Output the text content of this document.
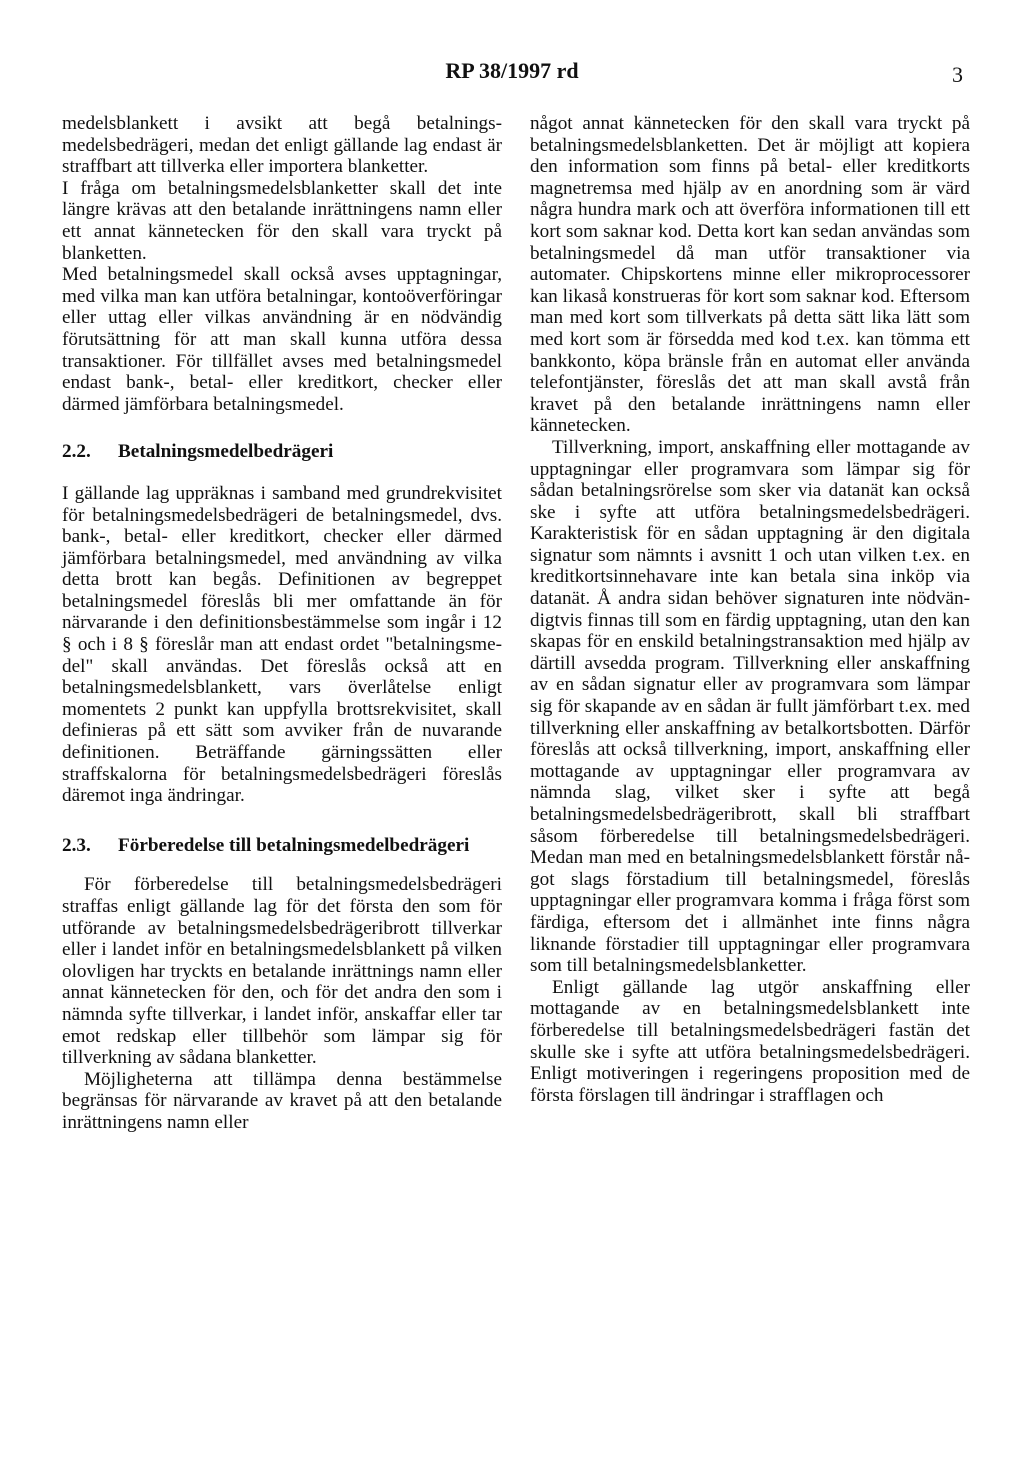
RP 38/1997 rd	3

medelsblankett i avsikt att begå betalningsmedelsbedrägeri, medan det enligt gällande lag endast är straffbart att tillverka eller importera blanketter.

I fråga om betalningsmedelsblanketter skall det inte längre krävas att den betalande inrättningens namn eller ett annat kännetecken för den skall vara tryckt på blanketten.

Med betalningsmedel skall också avses upptagningar, med vilka man kan utföra betalningar, kontoöverföringar eller uttag eller vilkas användning är en nödvändig förutsättning för att man skall kunna utföra dessa transaktioner. För tillfället avses med betalningsmedel endast bank-, betal- eller kreditkort, checker eller därmed jämförbara betalningsmedel.

2.2.	Betalningsmedelbedrägeri

I gällande lag uppräknas i samband med grundrekvisitet för betalningsmedelsbedrägeri de betalningsmedel, dvs. bank-, betal- eller kreditkort, checker eller därmed jämförbara betalningsmedel, med användning av vilka detta brott kan begås. Definitionen av begreppet betalningsmedel föreslås bli mer omfattande än för närvarande i den definitionsbestämmelse som ingår i 12 § och i 8 § föreslår man att endast ordet "betalningsmedel" skall användas. Det föreslås också att en betalningsmedelsblankett, vars överlåtelse enligt momentets 2 punkt kan uppfylla brottsrekvisitet, skall definieras på ett sätt som avviker från de nuvarande definitionen. Beträffande gärningssätten eller straffskalorna för betalningsmedelsbedrägeri föreslås däremot inga ändringar.

2.3.	Förberedelse till betalningsmedelbedrägeri

För förberedelse till betalningsmedelsbedrägeri straffas enligt gällande lag för det första den som för utförande av betalningsmedelsbedrägeribrott tillverkar eller i landet inför en betalningsmedelsblankett på vilken olovligen har tryckts en betalande inrättnings namn eller annat kännetecken för den, och för det andra den som i nämnda syfte tillverkar, i landet inför, anskaffar eller tar emot redskap eller tillbehör som lämpar sig för tillverkning av sådana blanketter.

Möjligheterna att tillämpa denna bestämmelse begränsas för närvarande av kravet på att den betalande inrättningens namn eller

något annat kännetecken för den skall vara tryckt på betalningsmedelsblanketten. Det är möjligt att kopiera den information som finns på betal- eller kreditkorts magnetremsa med hjälp av en anordning som är värd några hundra mark och att överföra informationen till ett kort som saknar kod. Detta kort kan sedan användas som betalningsmedel då man utför transaktioner via automater. Chipskortens minne eller mikroprocessorer kan likaså konstrueras för kort som saknar kod. Eftersom man med kort som tillverkats på detta sätt lika lätt som med kort som är försedda med kod t.ex. kan tömma ett bankkonto, köpa bränsle från en automat eller använda telefontjänster, föreslås det att man skall avstå från kravet på den betalande inrättningens namn eller kännetecken.

Tillverkning, import, anskaffning eller mottagande av upptagningar eller programvara som lämpar sig för sådan betalningsrörelse som sker via datanät kan också ske i syfte att utföra betalningsmedelsbedrägeri. Karakteristisk för en sådan upptagning är den digitala signatur som nämnts i avsnitt 1 och utan vilken t.ex. en kreditkortsinnehavare inte kan betala sina inköp via datanät. Å andra sidan behöver signaturen inte nödvändigtvis finnas till som en färdig upptagning, utan den kan skapas för en enskild betalningstransaktion med hjälp av därtill avsedda program. Tillverkning eller anskaffning av en sådan signatur eller av programvara som lämpar sig för skapande av en sådan är fullt jämförbart t.ex. med tillverkning eller anskaffning av betalkortsbotten. Därför föreslås att också tillverkning, import, anskaffning eller mottagande av upptagningar eller programvara av nämnda slag, vilket sker i syfte att begå betalningsmedelsbedrägeribrott, skall bli straffbart såsom förberedelse till betalningsmedelsbedrägeri. Medan man med en betalningsmedelsblankett förstår något slags förstadium till betalningsmedel, föreslås upptagningar eller programvara komma i fråga först som färdiga, eftersom det i allmänhet inte finns några liknande förstadier till upptagningar eller programvara som till betalningsmedelsblanketter.

Enligt gällande lag utgör anskaffning eller mottagande av en betalningsmedelsblankett inte förberedelse till betalningsmedelsbedrägeri fastän det skulle ske i syfte att utföra betalningsmedelsbedrägeri. Enligt motiveringen i regeringens proposition med de första förslagen till ändringar i strafflagen och
